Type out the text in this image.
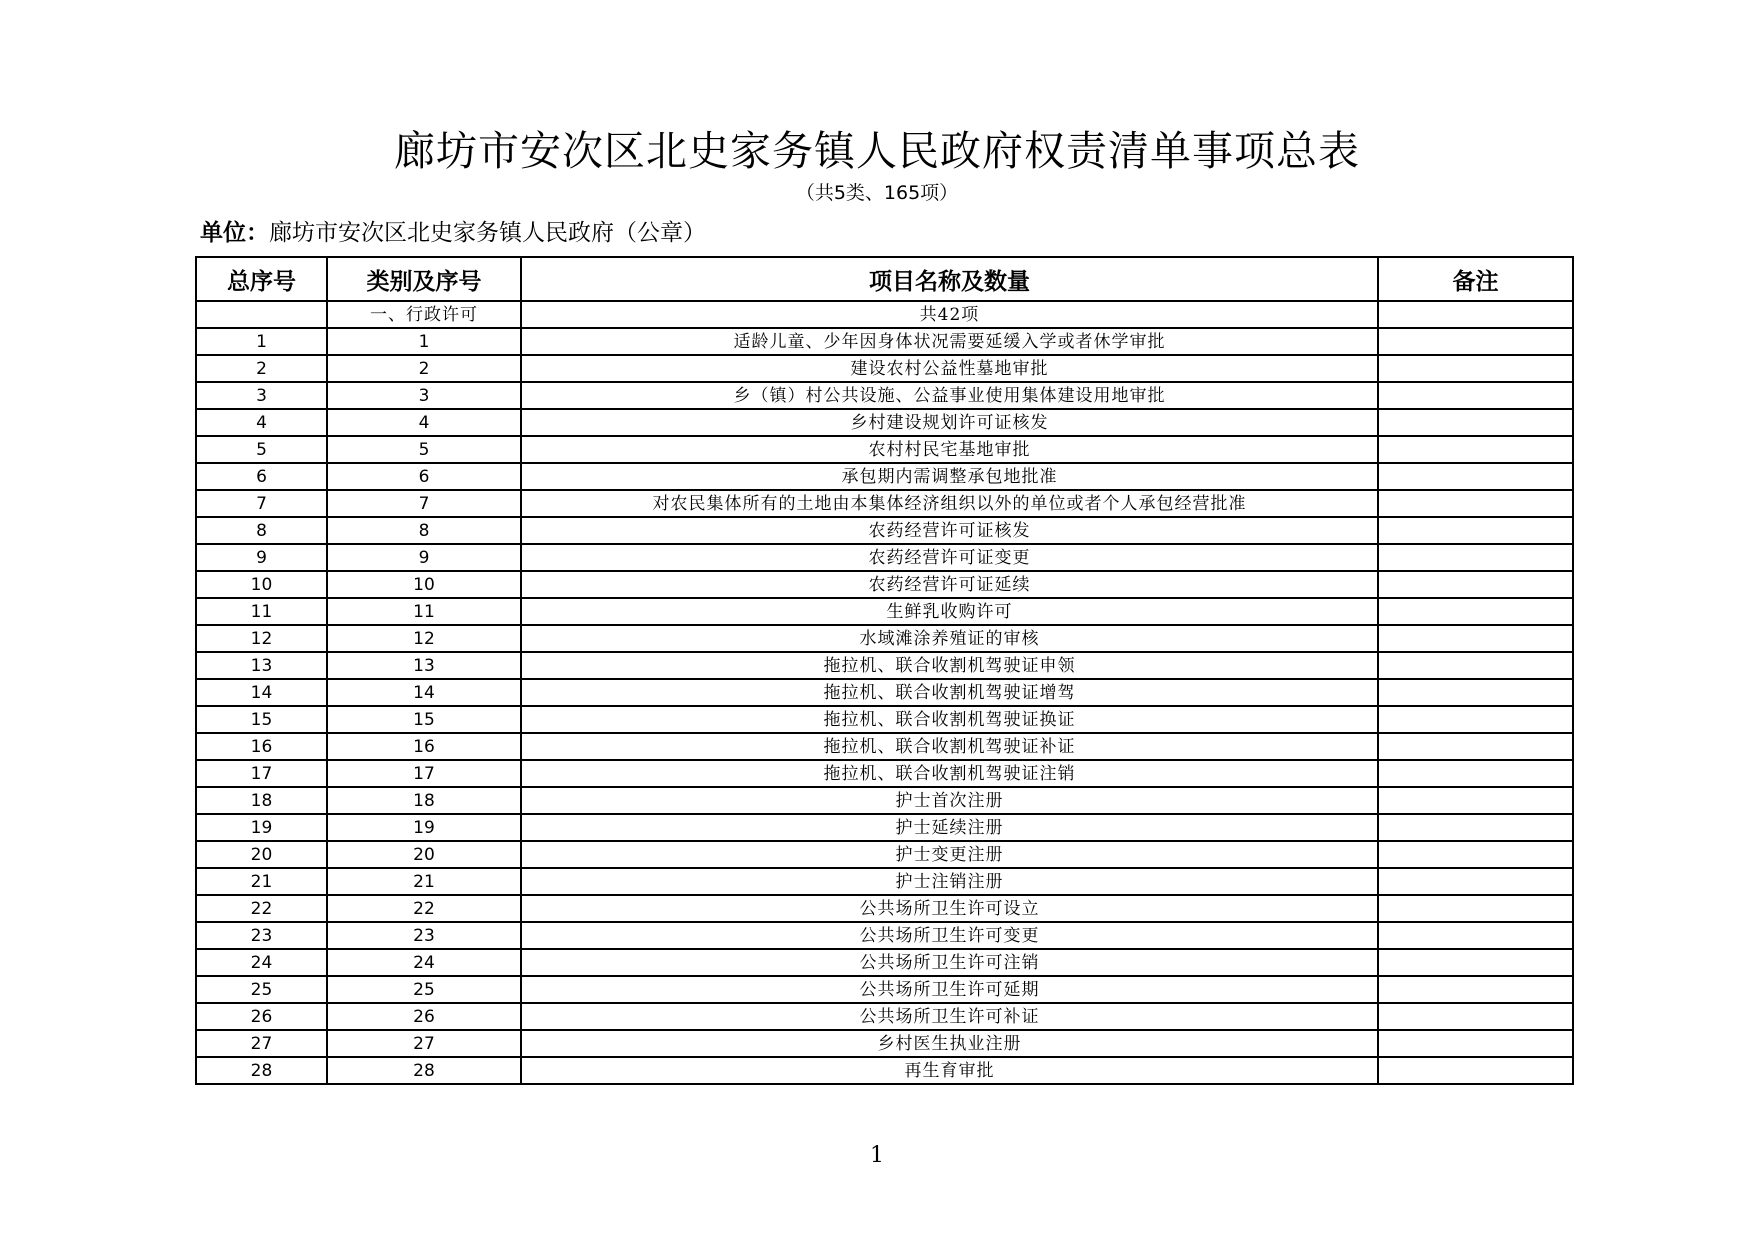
廊坊市安次区北史家务镇人民政府权责清单事项总表
（共5类、165项）
单位：廊坊市安次区北史家务镇人民政府（公章）
总序号	类别及序号	项目名称及数量	备注
	一、行政许可	共42项	
1	1	适龄儿童、少年因身体状况需要延缓入学或者休学审批	
2	2	建设农村公益性墓地审批	
3	3	乡（镇）村公共设施、公益事业使用集体建设用地审批	
4	4	乡村建设规划许可证核发	
5	5	农村村民宅基地审批	
6	6	承包期内需调整承包地批准	
7	7	对农民集体所有的土地由本集体经济组织以外的单位或者个人承包经营批准	
8	8	农药经营许可证核发	
9	9	农药经营许可证变更	
10	10	农药经营许可证延续	
11	11	生鲜乳收购许可	
12	12	水域滩涂养殖证的审核	
13	13	拖拉机、联合收割机驾驶证申领	
14	14	拖拉机、联合收割机驾驶证增驾	
15	15	拖拉机、联合收割机驾驶证换证	
16	16	拖拉机、联合收割机驾驶证补证	
17	17	拖拉机、联合收割机驾驶证注销	
18	18	护士首次注册	
19	19	护士延续注册	
20	20	护士变更注册	
21	21	护士注销注册	
22	22	公共场所卫生许可设立	
23	23	公共场所卫生许可变更	
24	24	公共场所卫生许可注销	
25	25	公共场所卫生许可延期	
26	26	公共场所卫生许可补证	
27	27	乡村医生执业注册	
28	28	再生育审批	
1
